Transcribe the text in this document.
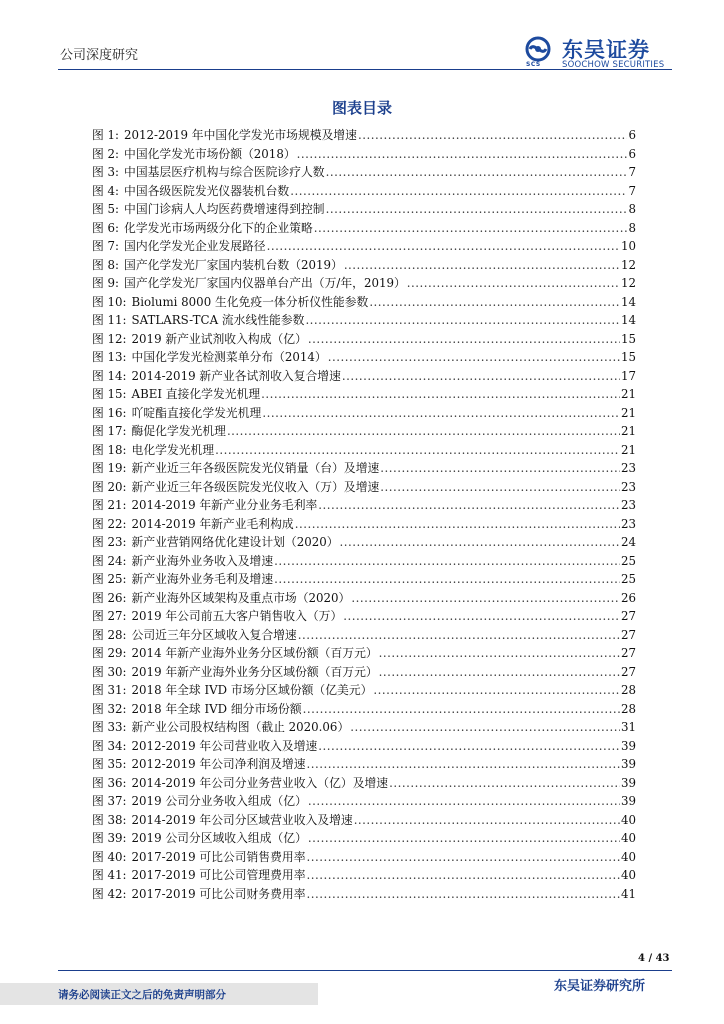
公司深度研究
SCS
东吴证券
SOOCHOW SECURITIES
图表目录
图 1: 2012-2019 年中国化学发光市场规模及增速 .....	6
图 2: 中国化学发光市场份额（2018） .....	6
图 3: 中国基层医疗机构与综合医院诊疗人数 .....	7
图 4: 中国各级医院发光仪器装机台数 .....	7
图 5: 中国门诊病人人均医药费增速得到控制 .....	8
图 6: 化学发光市场两级分化下的企业策略 .....	8
图 7: 国内化学发光企业发展路径 .....	10
图 8: 国产化学发光厂家国内装机台数（2019） .....	12
图 9: 国产化学发光厂家国内仪器单台产出（万/年，2019） .....	12
图 10: Biolumi 8000 生化免疫一体分析仪性能参数 .....	14
图 11: SATLARS-TCA 流水线性能参数 .....	14
图 12: 2019 新产业试剂收入构成（亿） .....	15
图 13: 中国化学发光检测菜单分布（2014） .....	15
图 14: 2014-2019 新产业各试剂收入复合增速 .....	17
图 15: ABEI 直接化学发光机理 .....	21
图 16: 吖啶酯直接化学发光机理 .....	21
图 17: 酶促化学发光机理 .....	21
图 18: 电化学发光机理 .....	21
图 19: 新产业近三年各级医院发光仪销量（台）及增速 .....	23
图 20: 新产业近三年各级医院发光仪收入（万）及增速 .....	23
图 21: 2014-2019 年新产业分业务毛利率 .....	23
图 22: 2014-2019 年新产业毛利构成 .....	23
图 23: 新产业营销网络优化建设计划（2020） .....	24
图 24: 新产业海外业务收入及增速 .....	25
图 25: 新产业海外业务毛利及增速 .....	25
图 26: 新产业海外区域架构及重点市场（2020） .....	26
图 27: 2019 年公司前五大客户销售收入（万） .....	27
图 28: 公司近三年分区域收入复合增速 .....	27
图 29: 2014 年新产业海外业务分区域份额（百万元） .....	27
图 30: 2019 年新产业海外业务分区域份额（百万元） .....	27
图 31: 2018 年全球 IVD 市场分区域份额（亿美元） .....	28
图 32: 2018 年全球 IVD 细分市场份额 .....	28
图 33: 新产业公司股权结构图（截止 2020.06） .....	31
图 34: 2012-2019 年公司营业收入及增速 .....	39
图 35: 2012-2019 年公司净利润及增速 .....	39
图 36: 2014-2019 年公司分业务营业收入（亿）及增速 .....	39
图 37: 2019 公司分业务收入组成（亿） .....	39
图 38: 2014-2019 年公司分区域营业收入及增速 .....	40
图 39: 2019 公司分区域收入组成（亿） .....	40
图 40: 2017-2019 可比公司销售费用率 .....	40
图 41: 2017-2019 可比公司管理费用率 .....	40
图 42: 2017-2019 可比公司财务费用率 .....	41
4 / 43
请务必阅读正文之后的免责声明部分
东吴证券研究所
